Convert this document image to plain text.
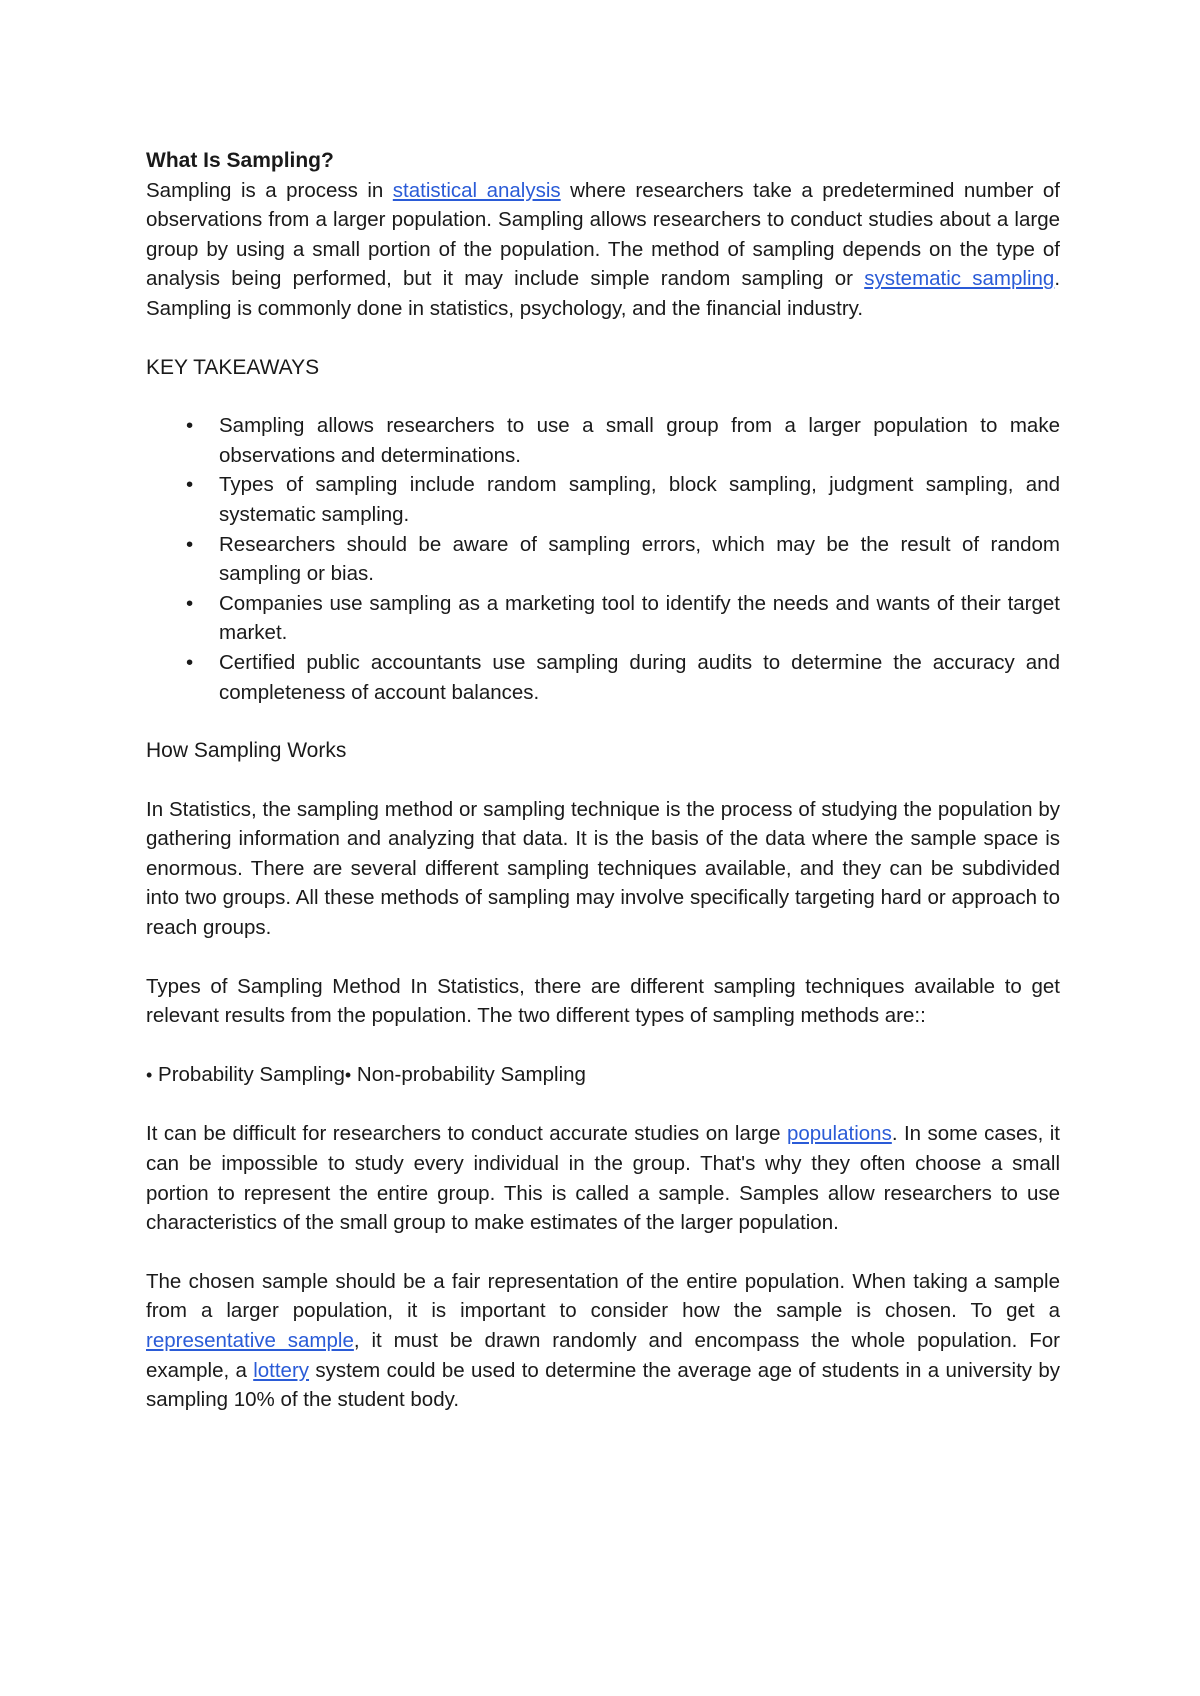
What Is Sampling?

Sampling is a process in statistical analysis where researchers take a predetermined number of observations from a larger population. Sampling allows researchers to conduct studies about a large group by using a small portion of the population. The method of sampling depends on the type of analysis being performed, but it may include simple random sampling or systematic sampling. Sampling is commonly done in statistics, psychology, and the financial industry.

KEY TAKEAWAYS

• Sampling allows researchers to use a small group from a larger population to make observations and determinations.
• Types of sampling include random sampling, block sampling, judgment sampling, and systematic sampling.
• Researchers should be aware of sampling errors, which may be the result of random sampling or bias.
• Companies use sampling as a marketing tool to identify the needs and wants of their target market.
• Certified public accountants use sampling during audits to determine the accuracy and completeness of account balances.

How Sampling Works

In Statistics, the sampling method or sampling technique is the process of studying the population by gathering information and analyzing that data. It is the basis of the data where the sample space is enormous. There are several different sampling techniques available, and they can be subdivided into two groups. All these methods of sampling may involve specifically targeting hard or approach to reach groups.

Types of Sampling Method In Statistics, there are different sampling techniques available to get relevant results from the population. The two different types of sampling methods are::

• Probability Sampling• Non-probability Sampling

It can be difficult for researchers to conduct accurate studies on large populations. In some cases, it can be impossible to study every individual in the group. That's why they often choose a small portion to represent the entire group. This is called a sample. Samples allow researchers to use characteristics of the small group to make estimates of the larger population.

The chosen sample should be a fair representation of the entire population. When taking a sample from a larger population, it is important to consider how the sample is chosen. To get a representative sample, it must be drawn randomly and encompass the whole population. For example, a lottery system could be used to determine the average age of students in a university by sampling 10% of the student body.
